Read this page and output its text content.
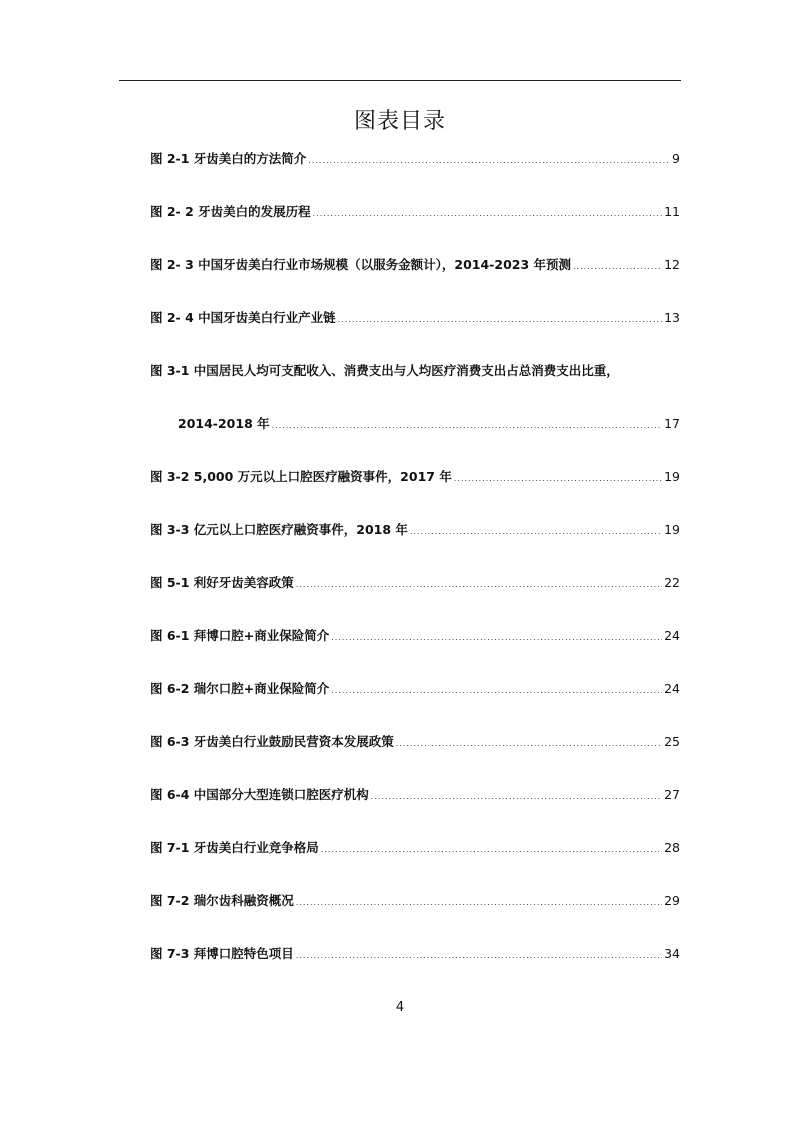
图表目录
图 2-1 牙齿美白的方法简介 .....	9
图 2- 2 牙齿美白的发展历程 .....	11
图 2- 3 中国牙齿美白行业市场规模（以服务金额计），2014-2023 年预测 .....	12
图 2- 4 中国牙齿美白行业产业链 .....	13
图 3-1 中国居民人均可支配收入、消费支出与人均医疗消费支出占总消费支出比重，
2014-2018 年 .....	17
图 3-2 5,000 万元以上口腔医疗融资事件，2017 年 .....	19
图 3-3 亿元以上口腔医疗融资事件，2018 年 .....	19
图 5-1 利好牙齿美容政策 .....	22
图 6-1 拜博口腔+商业保险简介 .....	24
图 6-2 瑞尔口腔+商业保险简介 .....	24
图 6-3 牙齿美白行业鼓励民营资本发展政策 .....	25
图 6-4 中国部分大型连锁口腔医疗机构 .....	27
图 7-1 牙齿美白行业竞争格局 .....	28
图 7-2 瑞尔齿科融资概况 .....	29
图 7-3 拜博口腔特色项目 .....	34
4
